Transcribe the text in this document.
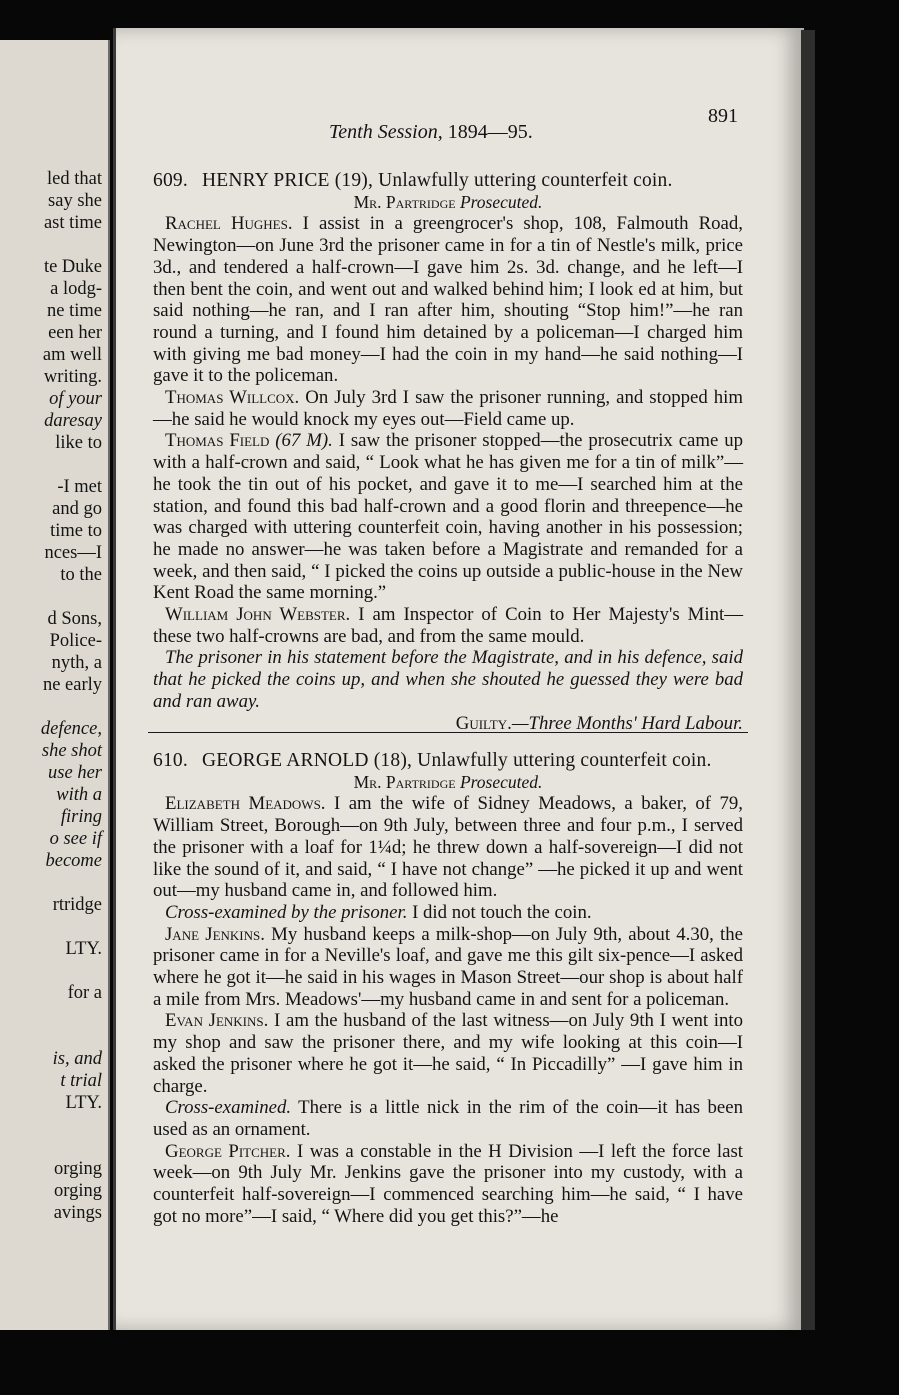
led that
say she
ast time
te Duke
a lodg-
ne time
een her
am well
writing.
of your
daresay
like to
-I met
and go
time to
nces—I
to the
d Sons,
Police-
nyth, a
ne early
defence,
she shot
use her
with a
firing
o see if
become
rtridge
LTY.
for a
is, and
t trial
LTY.
orging
orging
avings
Tenth Session, 1894—95.
891

609. HENRY PRICE (19), Unlawfully uttering counterfeit coin.

Mr. Partridge Prosecuted.

Rachel Hughes. I assist in a greengrocer's shop, 108, Falmouth Road, Newington—on June 3rd the prisoner came in for a tin of Nestle's milk, price 3d., and tendered a half-crown—I gave him 2s. 3d. change, and he left—I then bent the coin, and went out and walked behind him; I look ed at him, but said nothing—he ran, and I ran after him, shouting “Stop him!”—he ran round a turning, and I found him detained by a policeman—I charged him with giving me bad money—I had the coin in my hand—he said nothing—I gave it to the policeman.

Thomas Willcox. On July 3rd I saw the prisoner running, and stopped him—he said he would knock my eyes out—Field came up.

Thomas Field (67 M). I saw the prisoner stopped—the prosecutrix came up with a half-crown and said, “ Look what he has given me for a tin of milk”—he took the tin out of his pocket, and gave it to me—I searched him at the station, and found this bad half-crown and a good florin and threepence—he was charged with uttering counterfeit coin, having another in his possession; he made no answer—he was taken before a Magistrate and remanded for a week, and then said, “ I picked the coins up outside a public-house in the New Kent Road the same morning.”

William John Webster. I am Inspector of Coin to Her Majesty's Mint—these two half-crowns are bad, and from the same mould.

The prisoner in his statement before the Magistrate, and in his defence, said that he picked the coins up, and when she shouted he guessed they were bad and ran away.

Guilty.—Three Months' Hard Labour.

610. GEORGE ARNOLD (18), Unlawfully uttering counterfeit coin.

Mr. Partridge Prosecuted.

Elizabeth Meadows. I am the wife of Sidney Meadows, a baker, of 79, William Street, Borough—on 9th July, between three and four p.m., I served the prisoner with a loaf for 1¼d; he threw down a half-sovereign—I did not like the sound of it, and said, “ I have not change” —he picked it up and went out—my husband came in, and followed him.

Cross-examined by the prisoner. I did not touch the coin.

Jane Jenkins. My husband keeps a milk-shop—on July 9th, about 4.30, the prisoner came in for a Neville's loaf, and gave me this gilt six-pence—I asked where he got it—he said in his wages in Mason Street—our shop is about half a mile from Mrs. Meadows'—my husband came in and sent for a policeman.

Evan Jenkins. I am the husband of the last witness—on July 9th I went into my shop and saw the prisoner there, and my wife looking at this coin—I asked the prisoner where he got it—he said, “ In Piccadilly” —I gave him in charge.

Cross-examined. There is a little nick in the rim of the coin—it has been used as an ornament.

George Pitcher. I was a constable in the H Division —I left the force last week—on 9th July Mr. Jenkins gave the prisoner into my custody, with a counterfeit half-sovereign—I commenced searching him—he said, “ I have got no more”—I said, “ Where did you get this?”—he
